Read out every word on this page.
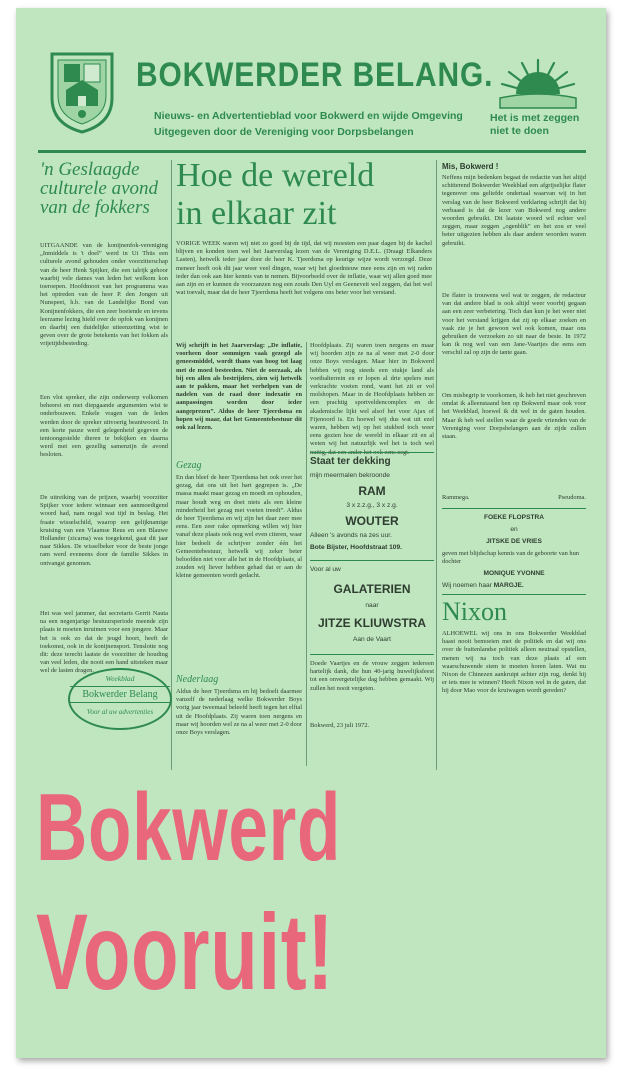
BOKWERDER BELANG.
Nieuws- en Advertentieblad voor Bokwerd en wijde Omgeving
Uitgegeven door de Vereniging voor Dorpsbelangen
Het is met zeggen niet te doen
'n Geslaagde culturele avond van de fokkers
UITGAANDE van de konijnenfok-vereniging „Inmiddels is 't doel” werd in Ut Thüs een culturele avond gehouden onder voorzitterschap van de heer Henk Spijker, die een talrijk gehoor waarbij vele dames van leden het welkom kon toeroepen. Hoofdmoot van het programma was het optreden van de heer P. den Jongen uit Nunspeet, h.b. van de Landelijke Bond van Konijnenfokkers, die een zeer boeiende en tevens leerzame lezing hield over de opfok van konijnen en daarbij een duidelijke uiteenzetting wist te geven over de grote betekenis van het fokken als vrijetijdsbesteding.
Een vlot spreker, die zijn onderwerp volkomen beheerst en met diepgaande argumenten wist te onderbouwen. Enkele vragen van de leden werden door de spreker uitvoerig beantwoord. In een korte pauze werd gelegenheid gegeven de tentoongestelde dieren te bekijken en daarna werd met een gezellig samenzijn de avond besloten.
De uitreiking van de prijzen, waarbij voorzitter Spijker voor iedere winnaar een aanmoedigend woord had, nam nogal wat tijd in beslag. Het fraaie wisselschild, waarop een gelijknamige kruising van een Vlaamse Reus en een Blauwe Hollander (zicarna) was toegekend, gaat dit jaar naar Sikkes. De wisselbeker voor de beste jonge ram werd eveneens door de familie Sikkes in ontvangst genomen.
Het was wel jammer, dat secretaris Gerrit Nauta na een negenjarige bestuursperiode meende zijn plaats te moeten inruimen voor een jongere. Maar het is ook zo dat de jeugd hoort, heeft de toekomst, ook in de konijnensport. Tenslotte nog dit: deze terecht laatste de voorzitter de houding van veel leden, die nooit een hand uitsteken maar wel de lasten dragen.
Weekblad
Bokwerder Belang
Voor al uw advertenties
Hoe de wereld
in elkaar zit
VORIGE WEEK waren wij niet zo goed bij de tijd, dat wij moesten een paar dagen bij de kachel blijven en konden toen wel het Jaarverslag lezen van de Vereniging D.E.L. (Draagt Elkanders Lasten), hetwelk ieder jaar door de heer K. Tjeerdsma op keurige wijze wordt verzorgd. Deze meneer heeft ook dit jaar weer veel dingen, waar wij het gloednieuw mee eens zijn en wij raden ieder dan ook aan hier kennis van te nemen. Bijvoorbeeld over de inflatie, waar wij allen goed mee aan zijn en er kunnen de voorzanzen nog een zouds Den Uyl en Geeneveit wel zeggen, dat het wel wat toevalt, maar dat de heer Tjeerdsma heeft het volgens ons beter voor het verstand.
Wij schrijft in het Jaarverslag: „De inflatie, voorheen door sommigen vaak gezegd als geneesmiddel, wordt thans van hoog tot laag met de moed besteeden. Niet de oorzaak, als bij een allen als bestrijders, zien wij hetwelk aan te pakken, maar het verhelpen van de nadelen van de raad door indexatie en aanpassingen worden door ieder aangeprezen”. Aldus de heer Tjeerdsma en hopen wij maar, dat het Gemeentebestuur dit ook zal lezen.
Gezag
En dan bleef de heer Tjeerdsma het ook over het gezag, dat ons uit het hart gegrepen is. „De massa maakt maar gezag en moedt en ophouden, maar houdt weg en doet niets als een kleine minderheid het gezag met voeten treedt”. Aldus de heer Tjeerdsma en wij zijn het daar zeer mee eens. Een zeer rake opmerking willen wij hier vanaf deze plaats ook nog wel even citeren, waar hier bedoelt de schrijver zonder één het Gemeentebestuur, hetwelk wij zeker beter beloofden niet voor alle het in de Hoofdplaats, al zouden wij liever hebben gehad dat er aan de kleine gemeenten wordt gedacht.
Nederlaag
Aldus de heer Tjeerdsma en hij bedoelt daarmee vanzelf de nederlaag welke Bokwerder Boys vorig jaar tweemaal beleefd heeft tegen het elftal uit de Hoofdplaats. Zij waren toen nergens en maar wij hoorden wel ze na al weer met 2-0 door onze Boys verslagen.
Hoofdplaats. Zij waren toen nergens en maar wij hoorden zijn ze na al weer met 2-0 door onze Boys verslagen. Maar hier in Bokwerd hebben wij nog steeds een stukje land als voetbalterrein en er lopen al drie spelers met verkrachte voeten rond, want het zit er vol molshopen. Maar in de Hoofdplaats hebben ze een prachtig sportveldencomplex en de akademische lijkt wel alsof het voor Ajax of Fijenoord is. En hoewel wij dus wat uit ezel waren, hebben wij op het stukbed toch weer eens gezien hoe de wereld in elkaar zit en al weten wij het natuurlijk wel het is toch wel
Staat ter dekking
mijn meermalen bekroonde
RAM
3 x z.z.g., 3 x z.g.
WOUTER
Alleen 's avonds na zes uur.
Bote Bijster, Hoofdstraat 109.
Voor al uw
GALATERIEN
naar
JITZE KLIUWSTRA
Aan de Vaart
Doede Vaartjes en de vrouw zeggen iedereen hartelijk dank, die hun 40-jarig huwelijksfeest tot een onvergetelijke dag hebben gemaakt. Wij zullen het nooit vergeten.
Bokwerd, 23 juli 1972.
Mis, Bokwerd !
Neffens mijn bedenken begaat de redactie van het altijd schitterend Bokwerder Weekblad een afgrijselijke flater tegenover ons geliefde ondertaal waarvan wij in het verslag van de heer Bokwerd verklaring schrijft dat hij verbaasd is dat de lezer van Bokwerd nog andere woorden gebruikt. Dit laatste woord wil echter wel zeggen, maar zeggen „ogenblik” en het zou er veel beter uitgezien hebben als daar andere woorden waren gebruikt.
De flater is trouwens wel wat te zeggen, de redacteur van dat andere blad is ook altijd weer voorbij gegaan aan een zeer verbetering. Toch dan kun je het weer niet voor het verstand krijgen dat zij op elkaar zoeken en vaak zie je het gewoon wel ook komen, maar ons gebruiken de verzoeken zo uit naar de beste. In 1972 kan ik nog wel van een Jane-Vaartjes die eens een verschil zal op zijn de tante gaan.
Om misbegrip te voorkomen, ik heb het niet geschreven omdat ik alleenstaand ben op Bokwerd maar ook voor het Weekblad, hoewel ik dit wel in de gaten houden. Maar ik heb wel stellen waar de goede vrienden van de Vereniging voor Dorpsbelangen aan de zijde zullen staan.
Rammega.	Pseudoma.
FOEKE FLOPSTRA
en
JITSKE DE VRIES
geven met blijdschap kennis van de geboorte van hun dochter
MONIQUE YVONNE
Wij noemen haar MARGJE.
Nixon
ALHOEWEL wij ons in ons Bokwerder Weekblad haast nooit bemoeien met de politiek en dat wij ons over de buitenlandse politiek alleen neutraal opstellen, menen wij na toch van deze plaats af een waarschuwende stem te moeten horen laten. Wat nu Nixon de Chinezen aankruipt achter zijn rug, denkt hij er iets mee te winnen? Heeft Nixon wel in de gaten, dat hij door Mao voor de kruiwagen wordt gereden?
Bokwerd
Vooruit!
